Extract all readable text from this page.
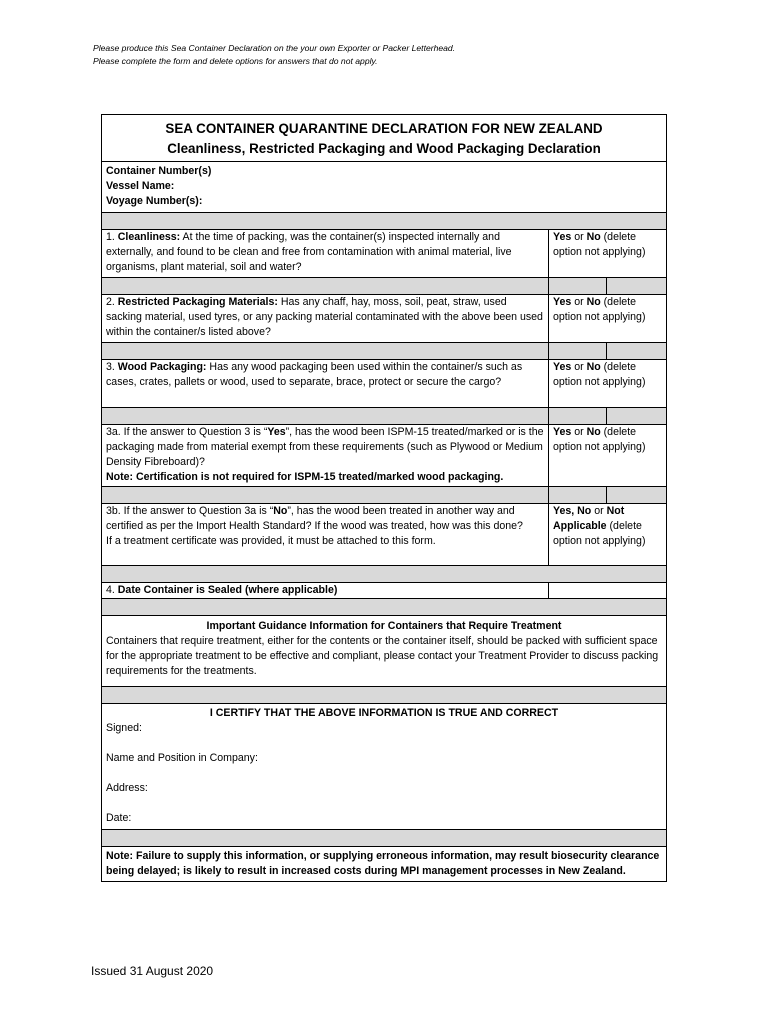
Please produce this Sea Container Declaration on the your own Exporter or Packer Letterhead.
Please complete the form and delete options for answers that do not apply.
SEA CONTAINER QUARANTINE DECLARATION FOR NEW ZEALAND
Cleanliness, Restricted Packaging and Wood Packaging Declaration		

Container Number(s)
Vessel Name:
Voyage Number(s):		

1. Cleanliness: At the time of packing, was the container(s) inspected internally and externally, and found to be clean and free from contamination with animal material, live organisms, plant material, soil and water?	Yes or No (delete option not applying)	

2. Restricted Packaging Materials: Has any chaff, hay, moss, soil, peat, straw, used sacking material, used tyres, or any packing material contaminated with the above been used within the container/s listed above?	Yes or No (delete option not applying)	

3. Wood Packaging: Has any wood packaging been used within the container/s such as cases, crates, pallets or wood, used to separate, brace, protect or secure the cargo?	Yes or No (delete option not applying)	

3a. If the answer to Question 3 is “Yes”, has the wood been ISPM-15 treated/marked or is the packaging made from material exempt from these requirements (such as Plywood or Medium Density Fibreboard)?
Note: Certification is not required for ISPM-15 treated/marked wood packaging.	Yes or No (delete option not applying)	

3b. If the answer to Question 3a is “No”, has the wood been treated in another way and certified as per the Import Health Standard? If the wood was treated, how was this done?
If a treatment certificate was provided, it must be attached to this form.	Yes, No or Not Applicable (delete option not applying)	

4. Date Container is Sealed (where applicable)		

Important Guidance Information for Containers that Require Treatment
Containers that require treatment, either for the contents or the container itself, should be packed with sufficient space for the appropriate treatment to be effective and compliant, please contact your Treatment Provider to discuss packing requirements for the treatments.		

I CERTIFY THAT THE ABOVE INFORMATION IS TRUE AND CORRECT
Signed:
Name and Position in Company:
Address:
Date:		

Note: Failure to supply this information, or supplying erroneous information, may result biosecurity clearance being delayed; is likely to result in increased costs during MPI management processes in New Zealand.		
Issued 31 August 2020
